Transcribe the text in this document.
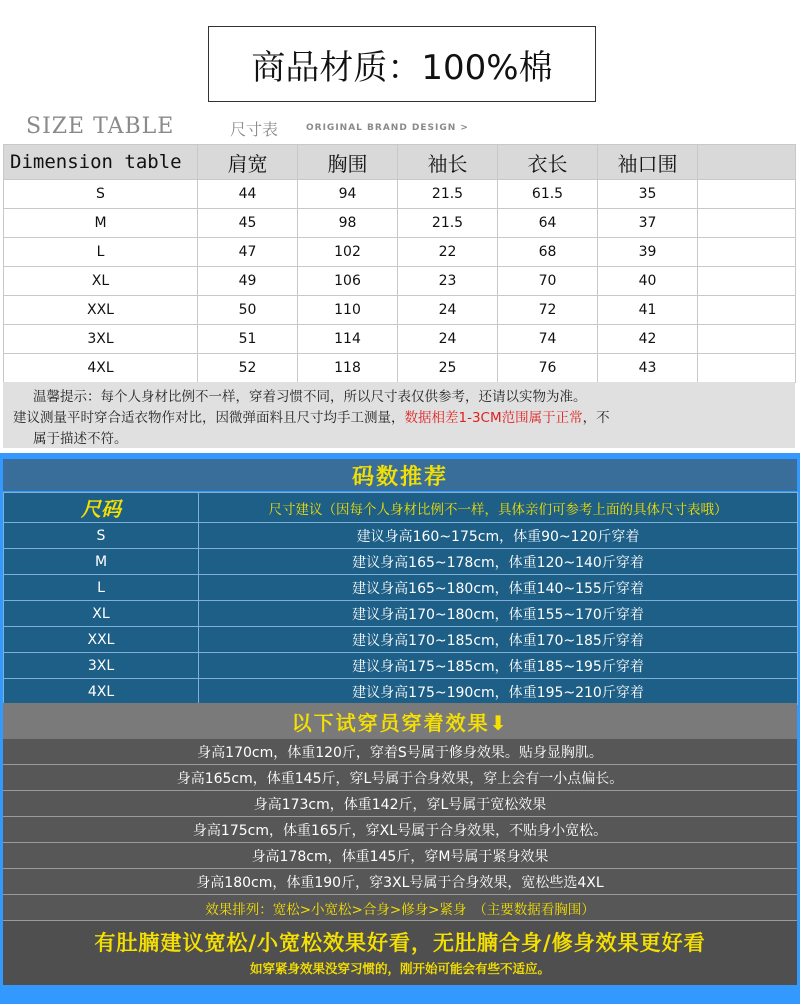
商品材质：100%棉
SIZE TABLE	尺寸表	ORIGINAL BRAND DESIGN >
Dimension table	肩宽	胸围	袖长	衣长	袖口围	
S	44	94	21.5	61.5	35	
M	45	98	21.5	64	37	
L	47	102	22	68	39	
XL	49	106	23	70	40	
XXL	50	110	24	72	41	
3XL	51	114	24	74	42	
4XL	52	118	25	76	43	
温馨提示：每个人身材比例不一样，穿着习惯不同，所以尺寸表仅供参考，还请以实物为准。
建议测量平时穿合适衣物作对比，因微弹面料且尺寸均手工测量，数据相差1-3CM范围属于正常，不
属于描述不符。
码数推荐
尺码	尺寸建议（因每个人身材比例不一样，具体亲们可参考上面的具体尺寸表哦）
S	建议身高160~175cm，体重90~120斤穿着
M	建议身高165~178cm，体重120~140斤穿着
L	建议身高165~180cm，体重140~155斤穿着
XL	建议身高170~180cm，体重155~170斤穿着
XXL	建议身高170~185cm，体重170~185斤穿着
3XL	建议身高175~185cm，体重185~195斤穿着
4XL	建议身高175~190cm，体重195~210斤穿着
以下试穿员穿着效果⬇
身高170cm，体重120斤，穿着S号属于修身效果。贴身显胸肌。
身高165cm，体重145斤，穿L号属于合身效果，穿上会有一小点偏长。
身高173cm，体重142斤，穿L号属于宽松效果
身高175cm，体重165斤，穿XL号属于合身效果，不贴身小宽松。
身高178cm，体重145斤，穿M号属于紧身效果
身高180cm，体重190斤，穿3XL号属于合身效果，宽松些选4XL
效果排列：宽松>小宽松>合身>修身>紧身　（主要数据看胸围）
有肚腩建议宽松/小宽松效果好看，无肚腩合身/修身效果更好看
如穿紧身效果没穿习惯的，刚开始可能会有些不适应。
